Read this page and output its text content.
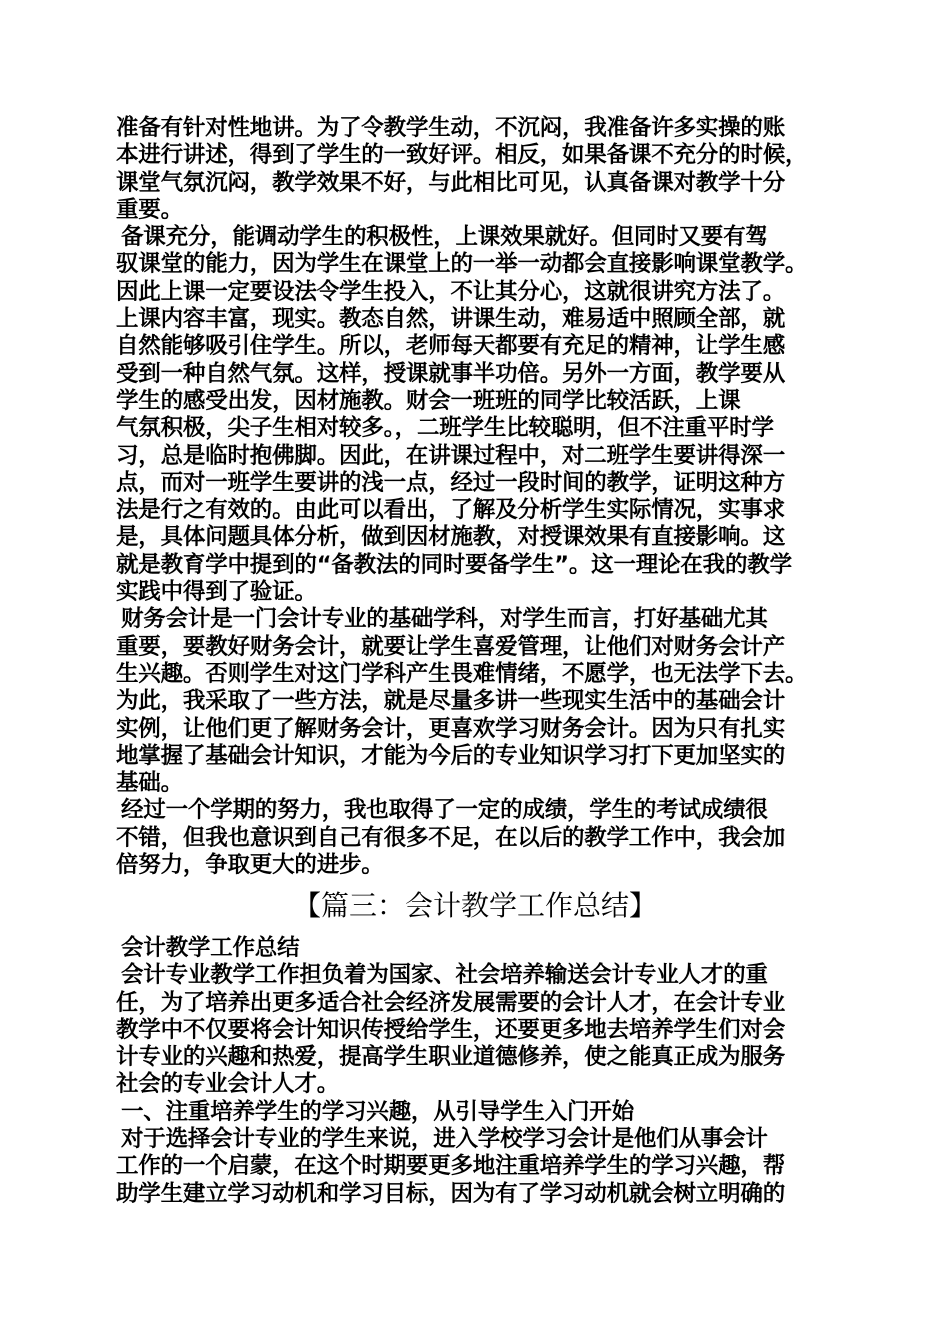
准备有针对性地讲。为了令教学生动，不沉闷，我准备许多实操的账
本进行讲述，得到了学生的一致好评。相反，如果备课不充分的时候，
课堂气氛沉闷，教学效果不好，与此相比可见，认真备课对教学十分
重要。
备课充分，能调动学生的积极性，上课效果就好。但同时又要有驾
驭课堂的能力，因为学生在课堂上的一举一动都会直接影响课堂教学。
因此上课一定要设法令学生投入，不让其分心，这就很讲究方法了。
上课内容丰富，现实。教态自然，讲课生动，难易适中照顾全部，就
自然能够吸引住学生。所以，老师每天都要有充足的精神，让学生感
受到一种自然气氛。这样，授课就事半功倍。另外一方面，教学要从
学生的感受出发，因材施教。财会一班班的同学比较活跃，上课
气氛积极，尖子生相对较多。，二班学生比较聪明，但不注重平时学
习，总是临时抱佛脚。因此，在讲课过程中，对二班学生要讲得深一
点，而对一班学生要讲的浅一点，经过一段时间的教学，证明这种方
法是行之有效的。由此可以看出，了解及分析学生实际情况，实事求
是，具体问题具体分析，做到因材施教，对授课效果有直接影响。这
就是教育学中提到的“备教法的同时要备学生”。这一理论在我的教学
实践中得到了验证。
财务会计是一门会计专业的基础学科，对学生而言，打好基础尤其
重要，要教好财务会计，就要让学生喜爱管理，让他们对财务会计产
生兴趣。否则学生对这门学科产生畏难情绪，不愿学，也无法学下去。
为此，我采取了一些方法，就是尽量多讲一些现实生活中的基础会计
实例，让他们更了解财务会计，更喜欢学习财务会计。因为只有扎实
地掌握了基础会计知识，才能为今后的专业知识学习打下更加坚实的
基础。
经过一个学期的努力，我也取得了一定的成绩，学生的考试成绩很
不错，但我也意识到自己有很多不足，在以后的教学工作中，我会加
倍努力，争取更大的进步。
【篇三：会计教学工作总结】
会计教学工作总结
会计专业教学工作担负着为国家、社会培养输送会计专业人才的重
任，为了培养出更多适合社会经济发展需要的会计人才，在会计专业
教学中不仅要将会计知识传授给学生，还要更多地去培养学生们对会
计专业的兴趣和热爱，提高学生职业道德修养，使之能真正成为服务
社会的专业会计人才。
一、注重培养学生的学习兴趣，从引导学生入门开始
对于选择会计专业的学生来说，进入学校学习会计是他们从事会计
工作的一个启蒙，在这个时期要更多地注重培养学生的学习兴趣，帮
助学生建立学习动机和学习目标，因为有了学习动机就会树立明确的
